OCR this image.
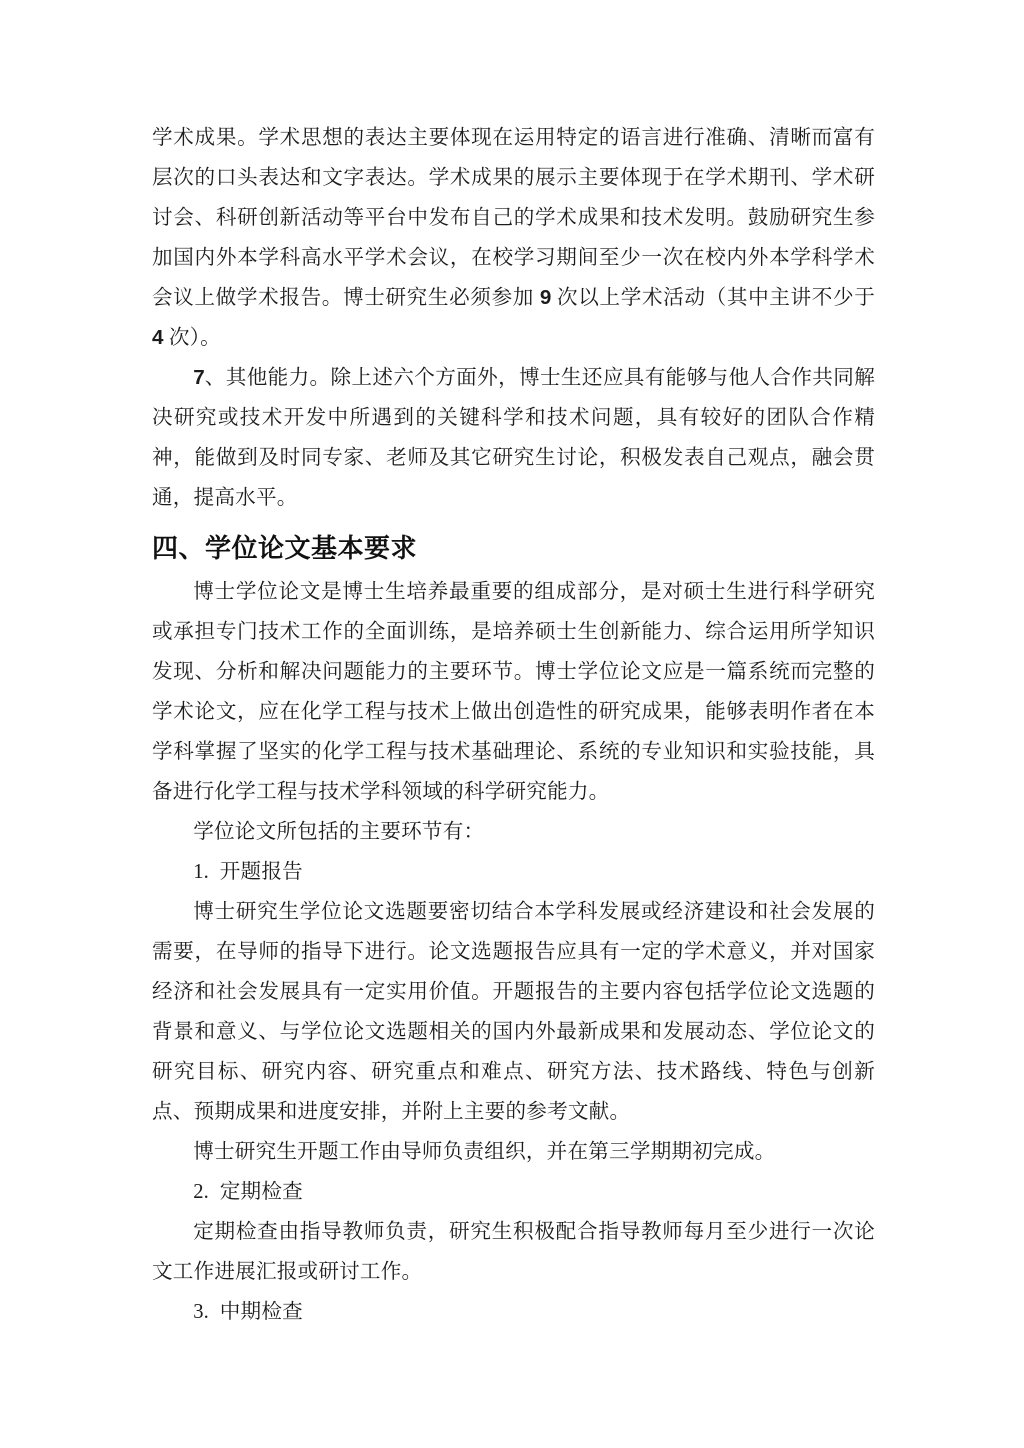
学术成果。学术思想的表达主要体现在运用特定的语言进行准确、清晰而富有层次的口头表达和文字表达。学术成果的展示主要体现于在学术期刊、学术研讨会、科研创新活动等平台中发布自己的学术成果和技术发明。鼓励研究生参加国内外本学科高水平学术会议，在校学习期间至少一次在校内外本学科学术会议上做学术报告。博士研究生必须参加 9 次以上学术活动（其中主讲不少于 4 次）。

7、其他能力。除上述六个方面外，博士生还应具有能够与他人合作共同解决研究或技术开发中所遇到的关键科学和技术问题，具有较好的团队合作精神，能做到及时同专家、老师及其它研究生讨论，积极发表自己观点，融会贯通，提高水平。

四、学位论文基本要求

博士学位论文是博士生培养最重要的组成部分，是对硕士生进行科学研究或承担专门技术工作的全面训练，是培养硕士生创新能力、综合运用所学知识发现、分析和解决问题能力的主要环节。博士学位论文应是一篇系统而完整的学术论文，应在化学工程与技术上做出创造性的研究成果，能够表明作者在本学科掌握了坚实的化学工程与技术基础理论、系统的专业知识和实验技能，具备进行化学工程与技术学科领域的科学研究能力。

学位论文所包括的主要环节有：

1.  开题报告

博士研究生学位论文选题要密切结合本学科发展或经济建设和社会发展的需要，在导师的指导下进行。论文选题报告应具有一定的学术意义，并对国家经济和社会发展具有一定实用价值。开题报告的主要内容包括学位论文选题的背景和意义、与学位论文选题相关的国内外最新成果和发展动态、学位论文的研究目标、研究内容、研究重点和难点、研究方法、技术路线、特色与创新点、预期成果和进度安排，并附上主要的参考文献。

博士研究生开题工作由导师负责组织，并在第三学期期初完成。

2.  定期检查

定期检查由指导教师负责，研究生积极配合指导教师每月至少进行一次论文工作进展汇报或研讨工作。

3.  中期检查
